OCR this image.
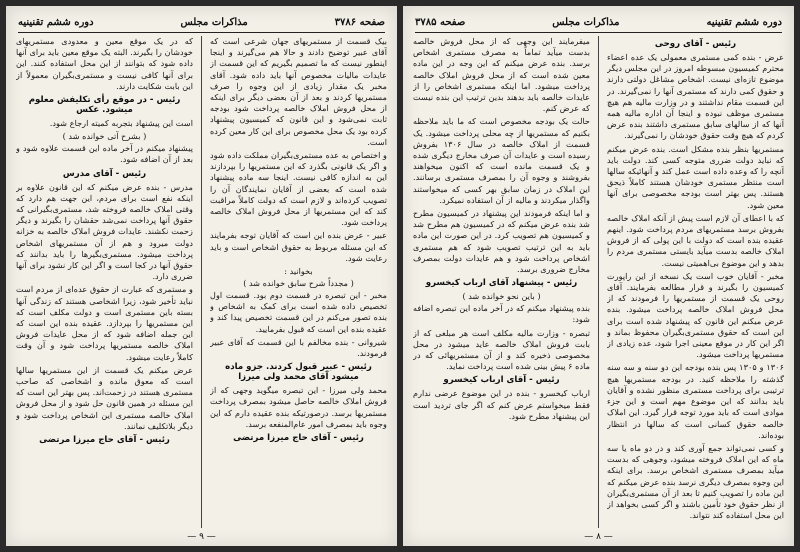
صفحه ۳۷۸۶
مذاکرات مجلس
دوره ششم تقنینیه

بیک قسمت از مستمریهای جهان شرعی است که آقای عبیر توضیح دادند و حالا هم می‌گیرند و اینجا اینطور نیست که ما تصمیم بگیریم که این قسمت از عایدات مالیات مخصوص آنها باید داده شود. آقای مخبر یک مقدار زیادی از این وجوه را صرف مستمریها کردند و بعد از آن بعضی دیگر برای اینکه از محل فروش املاک خالصه پرداخت شود بودجه ثابت نمی‌شود و این قانون که کمیسیون پیشنهاد کرده بود یک محل مخصوص برای این کار معین کرده است.

و اختصاص به عده مستمری‌بگیران مملکت داده شود و اگر یک قانونی بگذرد که این مستمریها را بپردازند این به اندازه کافی نیست. اینجا سه ماده پیشنهاد شده است که بعضی از آقایان نمایندگان آن را تصویب کرده‌اند و لازم است که دولت کاملاً مراقبت کند که این مستمریها از محل فروش املاک خالصه پرداخت شود.

عبیر - عرض بنده این است که آقایان توجه بفرمایند که این مسئله مربوط به حقوق اشخاص است و باید رعایت شود.

بخوانید :

( مجدداً شرح سابق خوانده شد )

مخبر - این تبصره در قسمت دوم بود. قسمت اول تخصیص داده شده است برای کمک به اشخاص و بنده تصور می‌کنم در این قسمت تخصیص پیدا کند و عقیده بنده این است که قبول بفرمایید.

شیروانی - بنده مخالفم با این قسمت که آقای عبیر فرمودند.

رئیس - عبیر قبول کردند. جزو ماده میشود آقای محمد ولی میرزا

محمد ولی میرزا - این تبصره میگوید وجهی که از فروش املاک خالصه حاصل میشود بمصرف پرداخت مستمریها برسد. درصورتیکه بنده عقیده دارم که این وجوه باید بمصرف امور عام‌المنفعه برسد.

رئیس - آقای حاج میرزا مرتضی

که در یک موقع معین و معدودی مستمریهای خودشان را بگیرند. البته یک موقع معین باید برای آنها داده شود که بتوانند از این محل استفاده کنند. این برای آنها کافی نیست و مستمری‌بگیران معمولاً از این بابت شکایت دارند.

رئیس - در موقع رأی تکلیفش معلوم میشود. عکس

است این پیشنهاد بتجربه کمیته ارجاع شود.

( بشرح آتی خوانده شد )

پیشنهاد میکنم در آخر ماده این قسمت علاوه شود و بعد از آن اضافه شود.

رئیس - آقای مدرس

مدرس - بنده عرض میکنم که این قانون علاوه بر اینکه نفع است برای مردم، این جهت هم دارد که وقتی املاک خالصه فروخته شد، مستمری‌بگیرانی که حقوق آنها پرداخت نمی‌شد حقشان را بگیرند و دیگر زحمت نکشند. عایدات فروش املاک خالصه به خزانه دولت میرود و هم از آن مستمریهای اشخاص پرداخت میشود. مستمری‌بگیرها را باید بدانند که حقوق آنها در کجا است و اگر این کار نشود برای آنها ضرری دارد.

و مستمری که عبارت از حقوق عده‌ای از مردم است نباید تأخیر شود، زیرا اشخاصی هستند که زندگی آنها بسته باین مستمری است و دولت مکلف است که این مستمریها را بپردازد. عقیده بنده این است که این جمله اضافه شود که از محل عایدات فروش املاک خالصه مستمریها پرداخت شود و آن وقت کاملاً رعایت میشود.

عرض میکنم یک قسمت از این مستمریها سالها است که معوق مانده و اشخاصی که صاحب مستمری هستند در زحمت‌اند. پس بهتر این است که این مسئله در همین قانون حل شود و از محل فروش املاک خالصه مستمری این اشخاص پرداخت شود و دیگر بلاتکلیف نمانند.

رئیس - آقای حاج میرزا مرتضی

— ۹ —
دوره ششم تقنینیه
مذاکرات مجلس
صفحه ۳۷۸۵

رئیس - آقای روحی

عرض - بنده کمی مستمری معمولی یک عده اعضاء محترم کمیسیون مبسوطه امروز در این مجلس دیگر موضوع تازه‌ای نیست. اشخاص مشاغل دولتی دارند و حقوق کمی دارند که مستمری آنها را نمی‌گیرند. در این قسمت مقام نداشتند و در وزارت مالیه هم هیچ مستمری موظف نبوده و اینجا آن اداره مالیه همه آنها که از سالهای سابق مستمری داشتند بنده عرض کردم که هیچ وقت حقوق خودشان را نمی‌گیرند.

مستمریها بنظر بنده مشکل است. بنده عرض میکنم که نباید دولت ضرری متوجه کسی کند. دولت باید آنچه را که وعده داده است عمل کند و آنهائیکه سالها است منتظر مستمری خودشان هستند کاملاً ذیحق هستند. پس بهتر است بودجه مخصوصی برای آنها معین شود.

که با اعطای آن لازم است پیش از آنکه املاک خالصه بفروش برسد مستمریهای مردم پرداخت شود. اینهم عقیده بنده است که دولت با این پولی که از فروش املاک خالصه بدست میآید بایستی مستمری مردم را بدهد و این موضوع بی‌اهمیتی نیست.

مخبر - آقایان خوب است یک نسخه از این راپورت کمیسیون را بگیرند و قرار مطالعه بفرمایند. آقای روحی یک قسمت از مستمریها را فرمودند که از محل فروش املاک خالصه پرداخت میشود. بنده عرض میکنم این قانون که پیشنهاد شده است برای این است که حقوق مستمری‌بگیران محفوظ بماند و اگر این کار در موقع معینی اجرا شود، عده زیادی از مستمریها پرداخت میشود.

۱۳۰۶ و ۱۳۰۵ پس بنده بودجه این دو سنه و سه سنه گذشته را ملاحظه کنید. در بودجه مستمریها هیچ ترتیبی برای پرداخت مستمری منظور نشده و آقایان باید بدانند که این موضوع مهم است و این جزء موادی است که باید مورد توجه قرار گیرد. این املاک خالصه حقوق کسانی است که سالها در انتظار بوده‌اند.

و کسی نمی‌تواند جمع آوری کند و در دو ماه یا سه ماه که این املاک فروخته میشود، وجوهی که بدست میآید بمصرف مستمری اشخاص برسد. برای اینکه این وجوه بمصرف دیگری نرسد بنده عرض میکنم که این ماده را تصویب کنیم تا بعد از آن مستمری‌بگیران از نظر حقوق خود تأمین باشند و اگر کسی بخواهد از این محل استفاده کند نتواند.

میفرمایند این وجهی که از محل فروش خالصه بدست میآید تماماً به مصرف مستمری اشخاص برسد. بنده عرض میکنم که این وجه در این ماده معین شده است که از محل فروش املاک خالصه پرداخت میشود. اما اینکه مستمری اشخاص را از عایدات خالصه باید بدهند بدین ترتیب این بنده نیست که عرض کنم.

حالت یک بودجه مخصوص است که ما باید ملاحظه بکنیم که مستمریها از چه محلی پرداخت میشود. یک قسمت از املاک خالصه در سال ۱۳۰۶ بفروش رسیده است و عایدات آن صرف مخارج دیگری شده و یک قسمت مانده است که اکنون میخواهند بفروشند و وجوه آن را بمصرف مستمری برسانند. این املاک در زمان سابق بهر کسی که میخواستند واگذار میکردند و مالیه از آن استفاده نمیکرد.

و اما اینکه فرمودند این پیشنهاد در کمیسیون مطرح شد بنده عرض میکنم که در کمیسیون هم مطرح شد و کمیسیون هم تصویب کرد. در این صورت این ماده باید به این ترتیب تصویب شود که هم مستمری اشخاص پرداخت شود و هم عایدات دولت بمصرف مخارج ضروری برسد.

رئیس - پیشنهاد آقای ارباب کیخسرو

( باین نحو خوانده شد )

بنده پیشنهاد میکنم که در آخر ماده این تبصره اضافه شود:

تبصره - وزارت مالیه مکلف است هر مبلغی که از بابت فروش املاک خالصه عاید میشود در محل مخصوصی ذخیره کند و از آن مستمریهائی که در ماده ۶ پیش بینی شده است پرداخت نماید.

رئیس - آقای ارباب کیخسرو

ارباب کیخسرو - بنده در این موضوع عرضی ندارم فقط میخواستم عرض کنم که اگر جای تردید است این پیشنهاد مطرح شود.

— ۸ —
